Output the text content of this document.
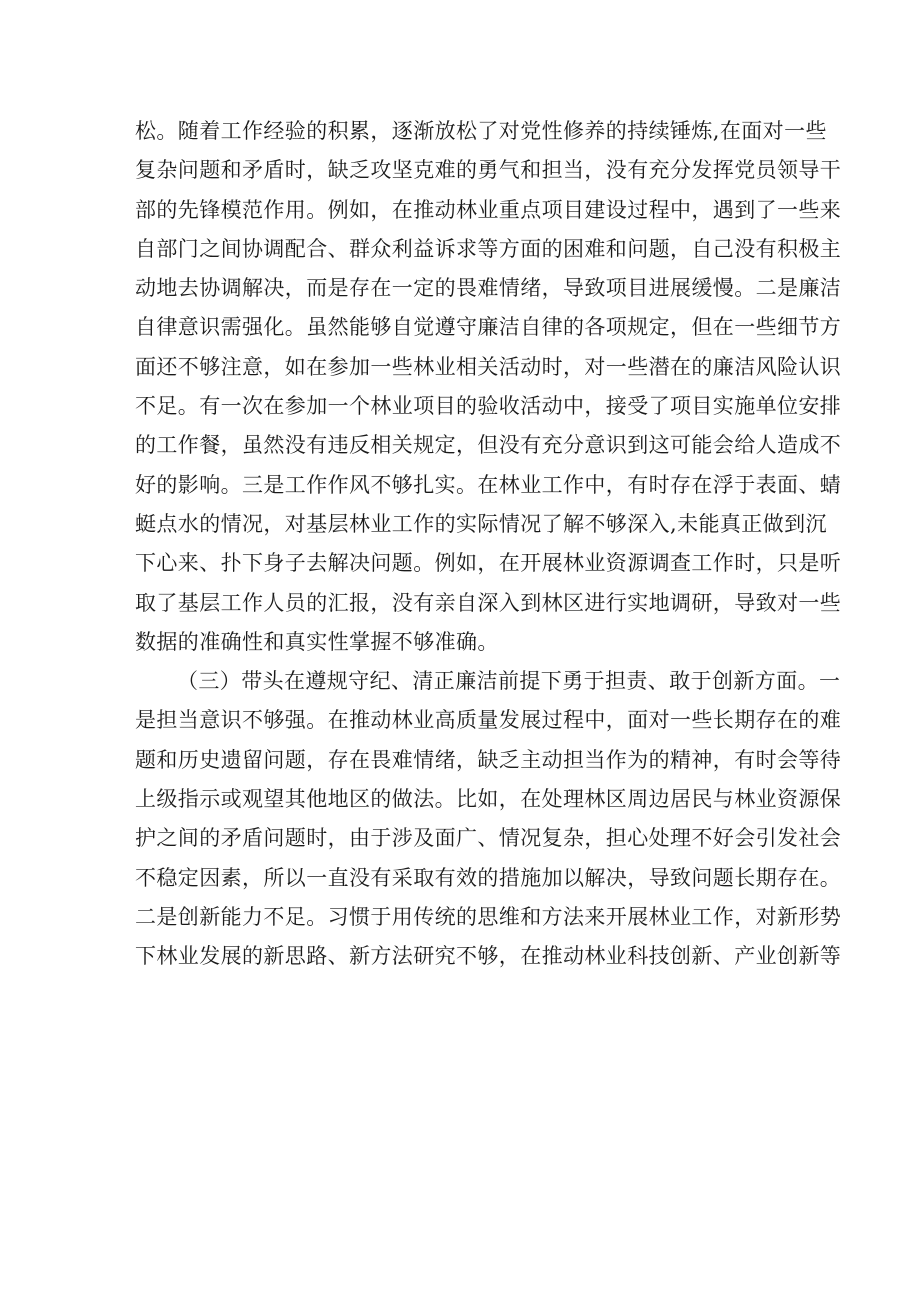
松。随着工作经验的积累，逐渐放松了对党性修养的持续锤炼,在面对一些
复杂问题和矛盾时，缺乏攻坚克难的勇气和担当，没有充分发挥党员领导干
部的先锋模范作用。例如，在推动林业重点项目建设过程中，遇到了一些来
自部门之间协调配合、群众利益诉求等方面的困难和问题，自己没有积极主
动地去协调解决，而是存在一定的畏难情绪，导致项目进展缓慢。二是廉洁
自律意识需强化。虽然能够自觉遵守廉洁自律的各项规定，但在一些细节方
面还不够注意，如在参加一些林业相关活动时，对一些潜在的廉洁风险认识
不足。有一次在参加一个林业项目的验收活动中，接受了项目实施单位安排
的工作餐，虽然没有违反相关规定，但没有充分意识到这可能会给人造成不
好的影响。三是工作作风不够扎实。在林业工作中，有时存在浮于表面、蜻
蜓点水的情况，对基层林业工作的实际情况了解不够深入,未能真正做到沉
下心来、扑下身子去解决问题。例如，在开展林业资源调查工作时，只是听
取了基层工作人员的汇报，没有亲自深入到林区进行实地调研，导致对一些
数据的准确性和真实性掌握不够准确。
（三）带头在遵规守纪、清正廉洁前提下勇于担责、敢于创新方面。一
是担当意识不够强。在推动林业高质量发展过程中，面对一些长期存在的难
题和历史遗留问题，存在畏难情绪，缺乏主动担当作为的精神，有时会等待
上级指示或观望其他地区的做法。比如，在处理林区周边居民与林业资源保
护之间的矛盾问题时，由于涉及面广、情况复杂，担心处理不好会引发社会
不稳定因素，所以一直没有采取有效的措施加以解决，导致问题长期存在。
二是创新能力不足。习惯于用传统的思维和方法来开展林业工作，对新形势
下林业发展的新思路、新方法研究不够，在推动林业科技创新、产业创新等
